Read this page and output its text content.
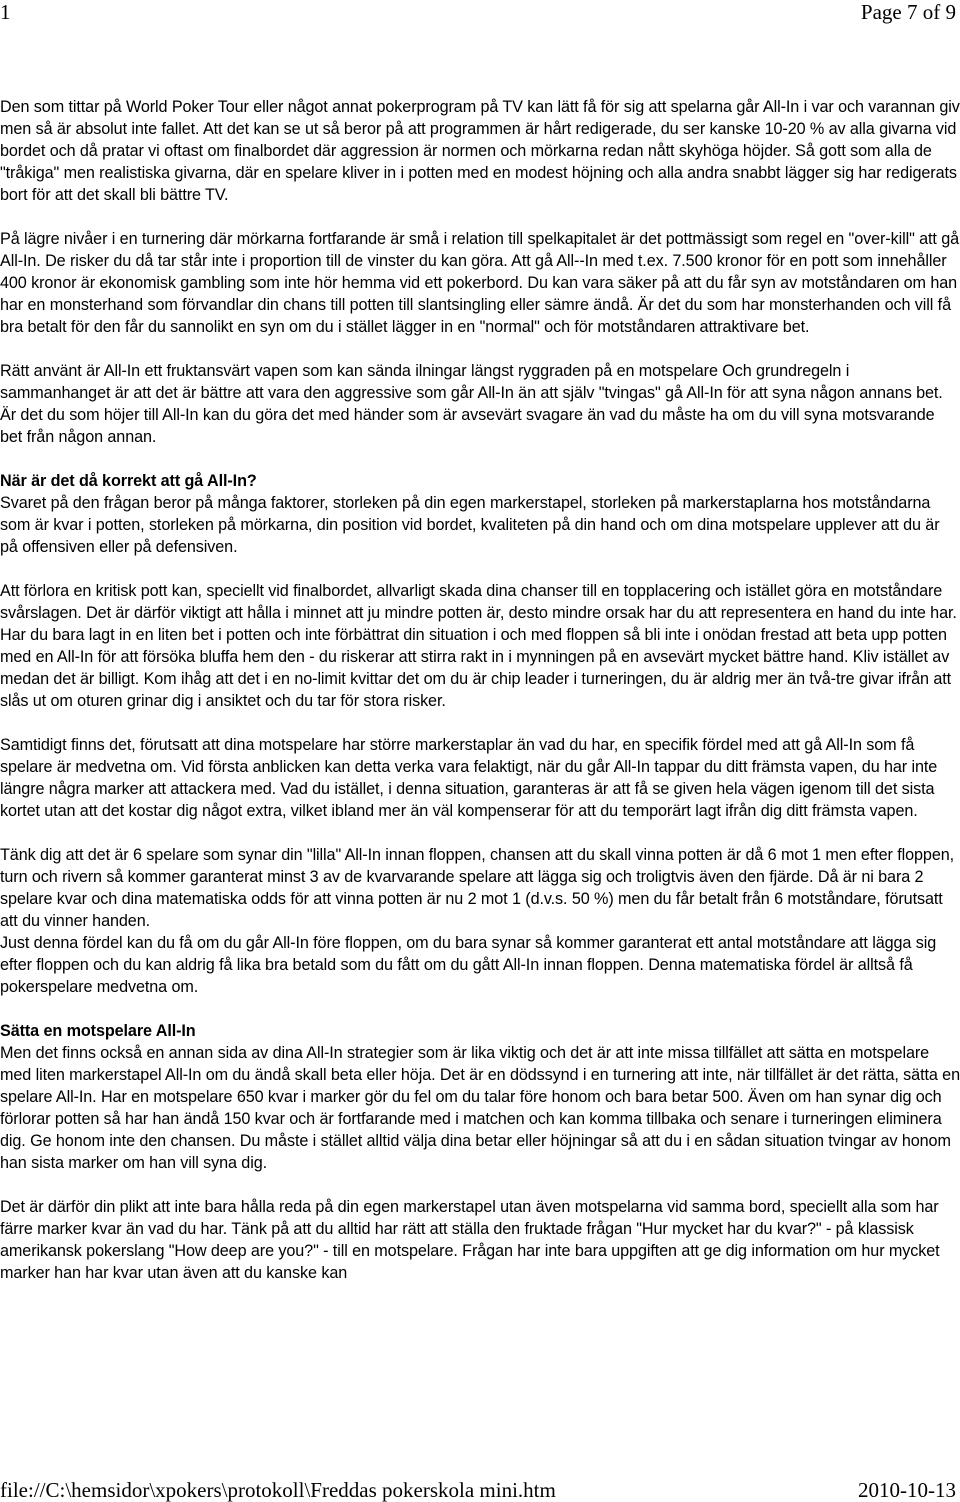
1	Page 7 of 9

Den som tittar på World Poker Tour eller något annat pokerprogram på TV kan lätt få för sig att spelarna går All-In i var och varannan giv men så är absolut inte fallet. Att det kan se ut så beror på att programmen är hårt redigerade, du ser kanske 10-20 % av alla givarna vid bordet och då pratar vi oftast om finalbordet där aggression är normen och mörkarna redan nått skyhöga höjder. Så gott som alla de "tråkiga" men realistiska givarna, där en spelare kliver in i potten med en modest höjning och alla andra snabbt lägger sig har redigerats bort för att det skall bli bättre TV.

På lägre nivåer i en turnering där mörkarna fortfarande är små i relation till spelkapitalet är det pottmässigt som regel en "over-kill" att gå All-In. De risker du då tar står inte i proportion till de vinster du kan göra. Att gå All--In med t.ex. 7.500 kronor för en pott som innehåller 400 kronor är ekonomisk gambling som inte hör hemma vid ett pokerbord. Du kan vara säker på att du får syn av motståndaren om han har en monsterhand som förvandlar din chans till potten till slantsingling eller sämre ändå. Är det du som har monsterhanden och vill få bra betalt för den får du sannolikt en syn om du i stället lägger in en "normal" och för motståndaren attraktivare bet.

Rätt använt är All-In ett fruktansvärt vapen som kan sända ilningar längst ryggraden på en motspelare Och grundregeln i sammanhanget är att det är bättre att vara den aggressive som går All-In än att själv "tvingas" gå All-In för att syna någon annans bet. Är det du som höjer till All-In kan du göra det med händer som är avsevärt svagare än vad du måste ha om du vill syna motsvarande bet från någon annan.

När är det då korrekt att gå All-In?

Svaret på den frågan beror på många faktorer, storleken på din egen markerstapel, storleken på markerstaplarna hos motståndarna som är kvar i potten, storleken på mörkarna, din position vid bordet, kvaliteten på din hand och om dina motspelare upplever att du är på offensiven eller på defensiven.

Att förlora en kritisk pott kan, speciellt vid finalbordet, allvarligt skada dina chanser till en topplacering och istället göra en motståndare svårslagen. Det är därför viktigt att hålla i minnet att ju mindre potten är, desto mindre orsak har du att representera en hand du inte har. Har du bara lagt in en liten bet i potten och inte förbättrat din situation i och med floppen så bli inte i onödan frestad att beta upp potten med en All-In för att försöka bluffa hem den - du riskerar att stirra rakt in i mynningen på en avsevärt mycket bättre hand. Kliv istället av medan det är billigt. Kom ihåg att det i en no-limit kvittar det om du är chip leader i turneringen, du är aldrig mer än två-tre givar ifrån att slås ut om oturen grinar dig i ansiktet och du tar för stora risker.

Samtidigt finns det, förutsatt att dina motspelare har större markerstaplar än vad du har, en specifik fördel med att gå All-In som få spelare är medvetna om. Vid första anblicken kan detta verka vara felaktigt, när du går All-In tappar du ditt främsta vapen, du har inte längre några marker att attackera med. Vad du istället, i denna situation, garanteras är att få se given hela vägen igenom till det sista kortet utan att det kostar dig något extra, vilket ibland mer än väl kompenserar för att du temporärt lagt ifrån dig ditt främsta vapen.

Tänk dig att det är 6 spelare som synar din "lilla" All-In innan floppen, chansen att du skall vinna potten är då 6 mot 1 men efter floppen, turn och rivern så kommer garanterat minst 3 av de kvarvarande spelare att lägga sig och troligtvis även den fjärde. Då är ni bara 2 spelare kvar och dina matematiska odds för att vinna potten är nu 2 mot 1 (d.v.s. 50 %) men du får betalt från 6 motståndare, förutsatt att du vinner handen.

Just denna fördel kan du få om du går All-In före floppen, om du bara synar så kommer garanterat ett antal motståndare att lägga sig efter floppen och du kan aldrig få lika bra betald som du fått om du gått All-In innan floppen. Denna matematiska fördel är alltså få pokerspelare medvetna om.

Sätta en motspelare All-In

Men det finns också en annan sida av dina All-In strategier som är lika viktig och det är att inte missa tillfället att sätta en motspelare med liten markerstapel All-In om du ändå skall beta eller höja. Det är en dödssynd i en turnering att inte, när tillfället är det rätta, sätta en spelare All-In. Har en motspelare 650 kvar i marker gör du fel om du talar före honom och bara betar 500. Även om han synar dig och förlorar potten så har han ändå 150 kvar och är fortfarande med i matchen och kan komma tillbaka och senare i turneringen eliminera dig. Ge honom inte den chansen. Du måste i stället alltid välja dina betar eller höjningar så att du i en sådan situation tvingar av honom han sista marker om han vill syna dig.

Det är därför din plikt att inte bara hålla reda på din egen markerstapel utan även motspelarna vid samma bord, speciellt alla som har färre marker kvar än vad du har. Tänk på att du alltid har rätt att ställa den fruktade frågan "Hur mycket har du kvar?" - på klassisk amerikansk pokerslang "How deep are you?" - till en motspelare. Frågan har inte bara uppgiften att ge dig information om hur mycket marker han har kvar utan även att du kanske kan

file://C:\hemsidor\xpokers\protokoll\Freddas pokerskola mini.htm	2010-10-13
